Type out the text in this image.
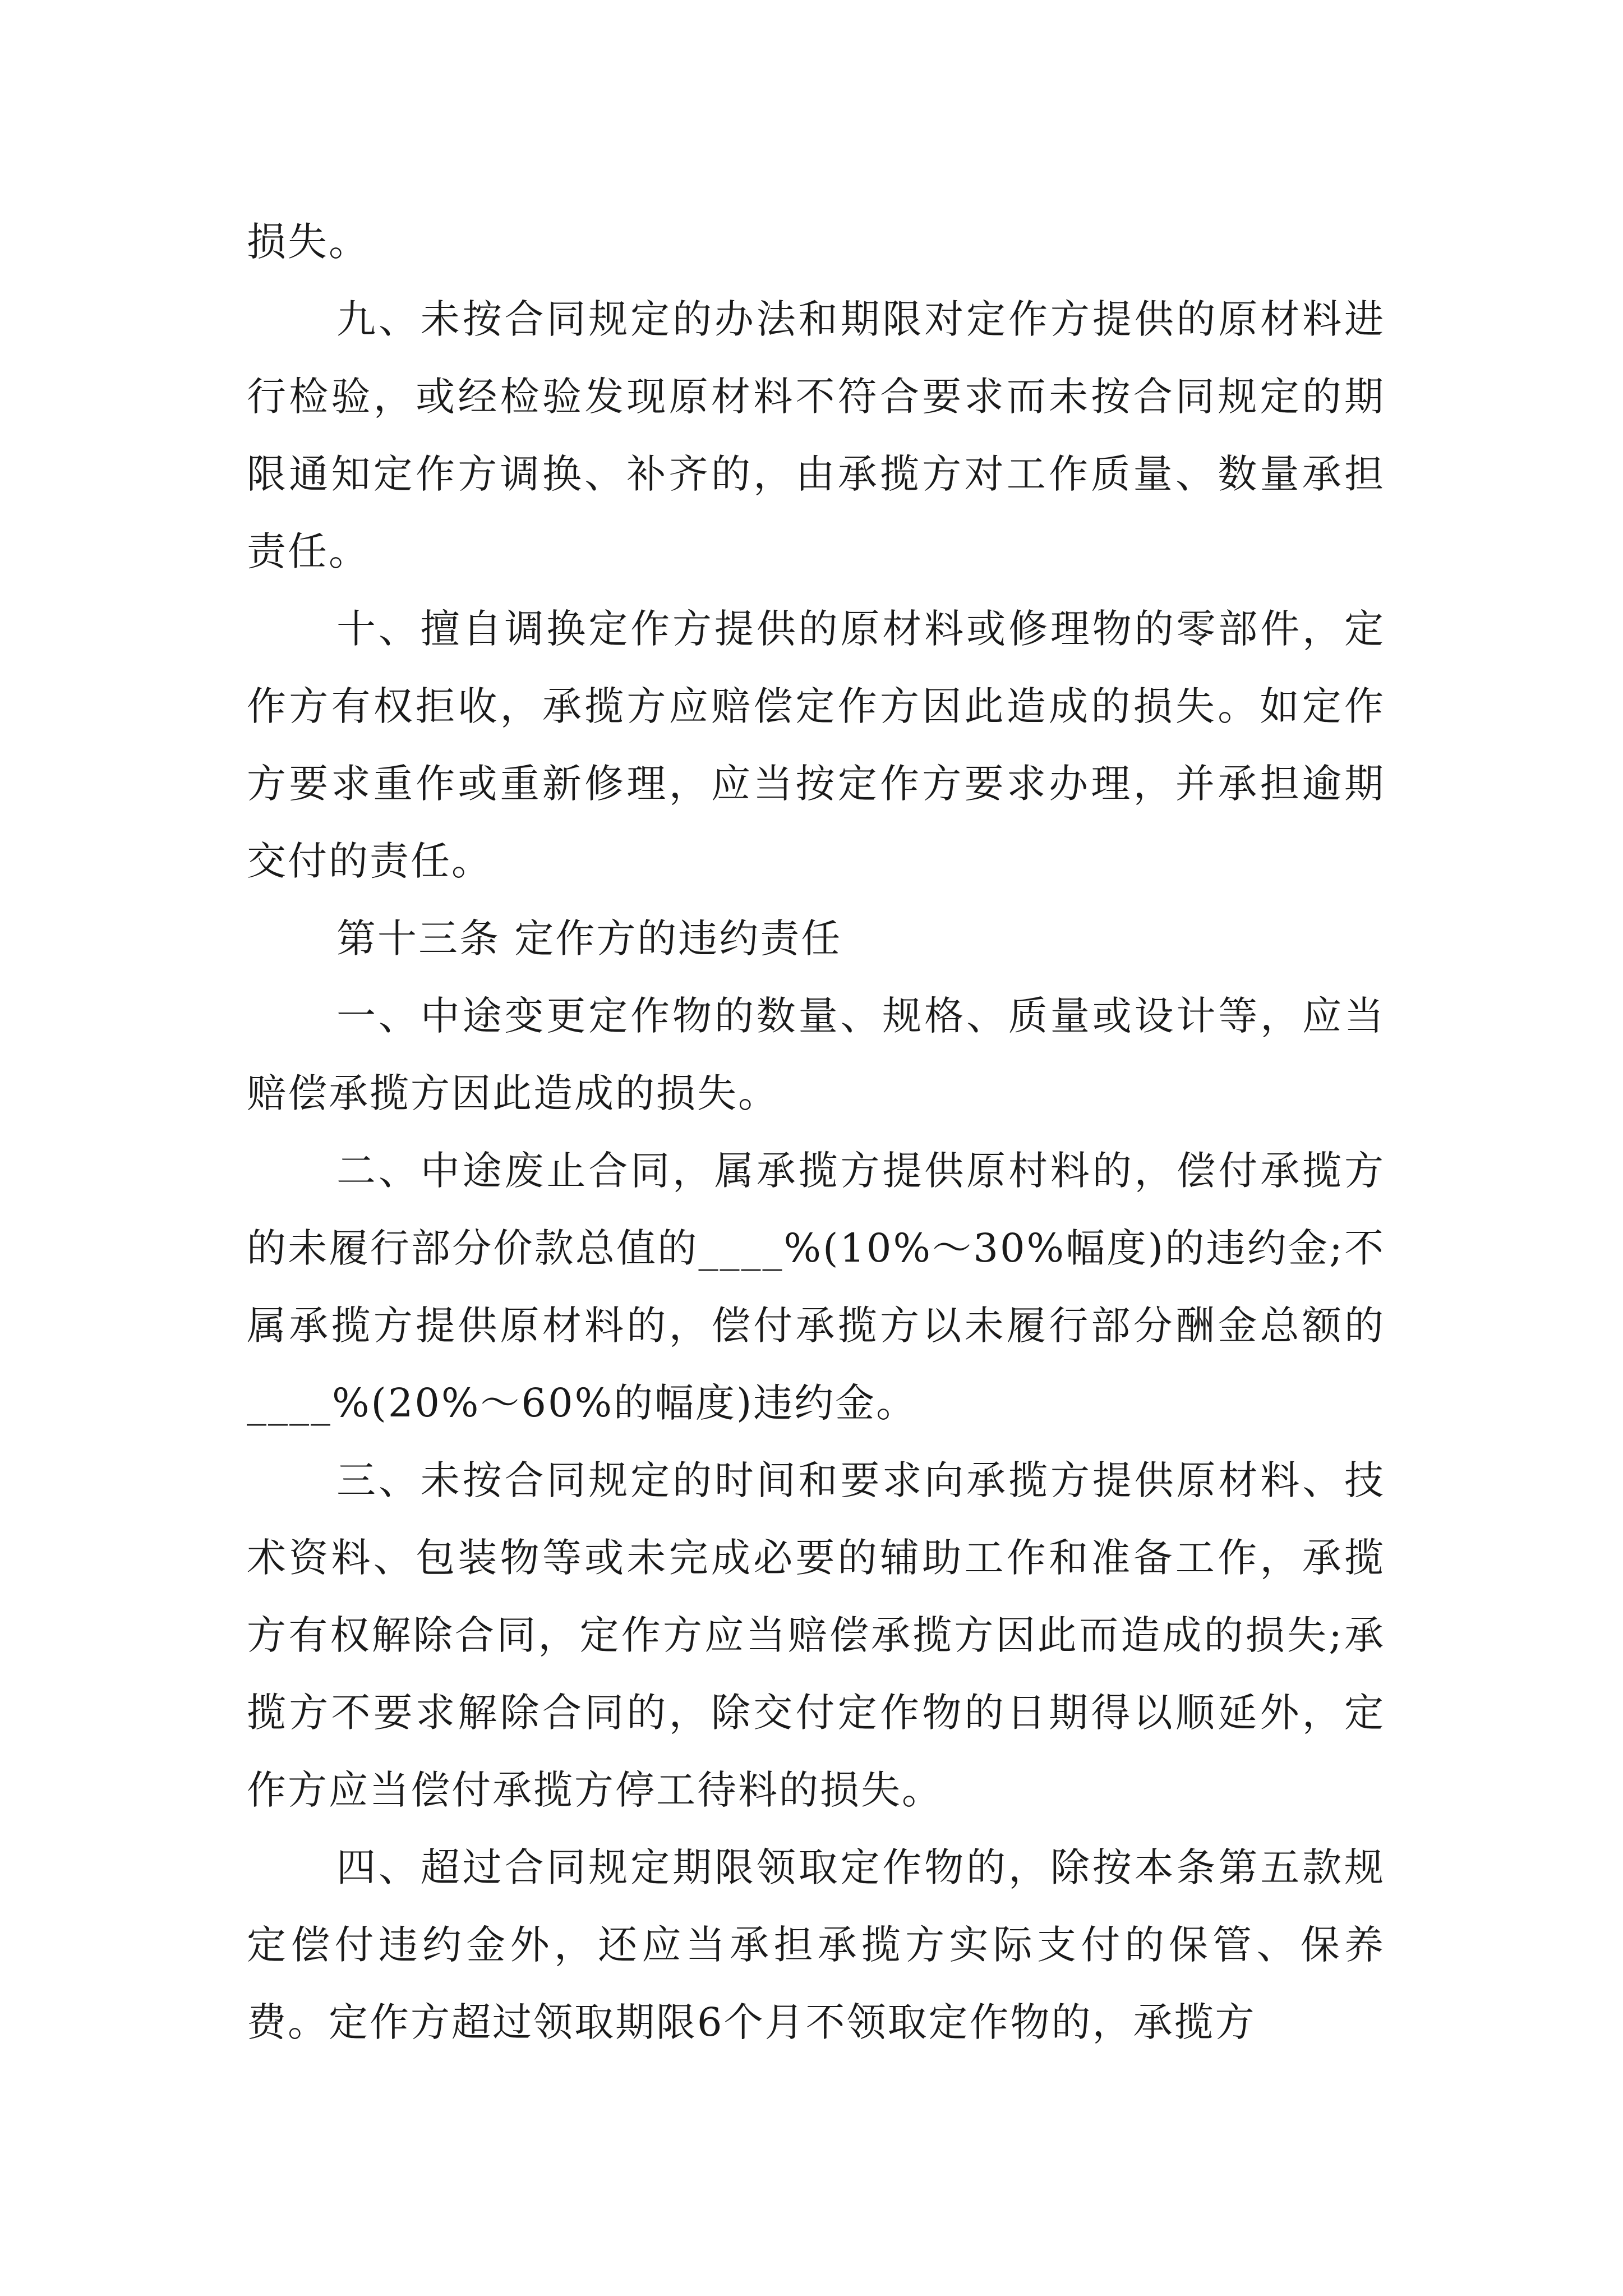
损失。

九、未按合同规定的办法和期限对定作方提供的原材料进行检验，或经检验发现原材料不符合要求而未按合同规定的期限通知定作方调换、补齐的，由承揽方对工作质量、数量承担责任。

十、擅自调换定作方提供的原材料或修理物的零部件，定作方有权拒收，承揽方应赔偿定作方因此造成的损失。如定作方要求重作或重新修理，应当按定作方要求办理，并承担逾期交付的责任。

第十三条 定作方的违约责任

一、中途变更定作物的数量、规格、质量或设计等，应当赔偿承揽方因此造成的损失。

二、中途废止合同，属承揽方提供原村料的，偿付承揽方的未履行部分价款总值的____%(10%～30%幅度)的违约金;不属承揽方提供原材料的，偿付承揽方以未履行部分酬金总额的____%(20%～60%的幅度)违约金。

三、未按合同规定的时间和要求向承揽方提供原材料、技术资料、包装物等或未完成必要的辅助工作和准备工作，承揽方有权解除合同，定作方应当赔偿承揽方因此而造成的损失;承揽方不要求解除合同的，除交付定作物的日期得以顺延外，定作方应当偿付承揽方停工待料的损失。

四、超过合同规定期限领取定作物的，除按本条第五款规定偿付违约金外，还应当承担承揽方实际支付的保管、保养费。定作方超过领取期限6个月不领取定作物的，承揽方
